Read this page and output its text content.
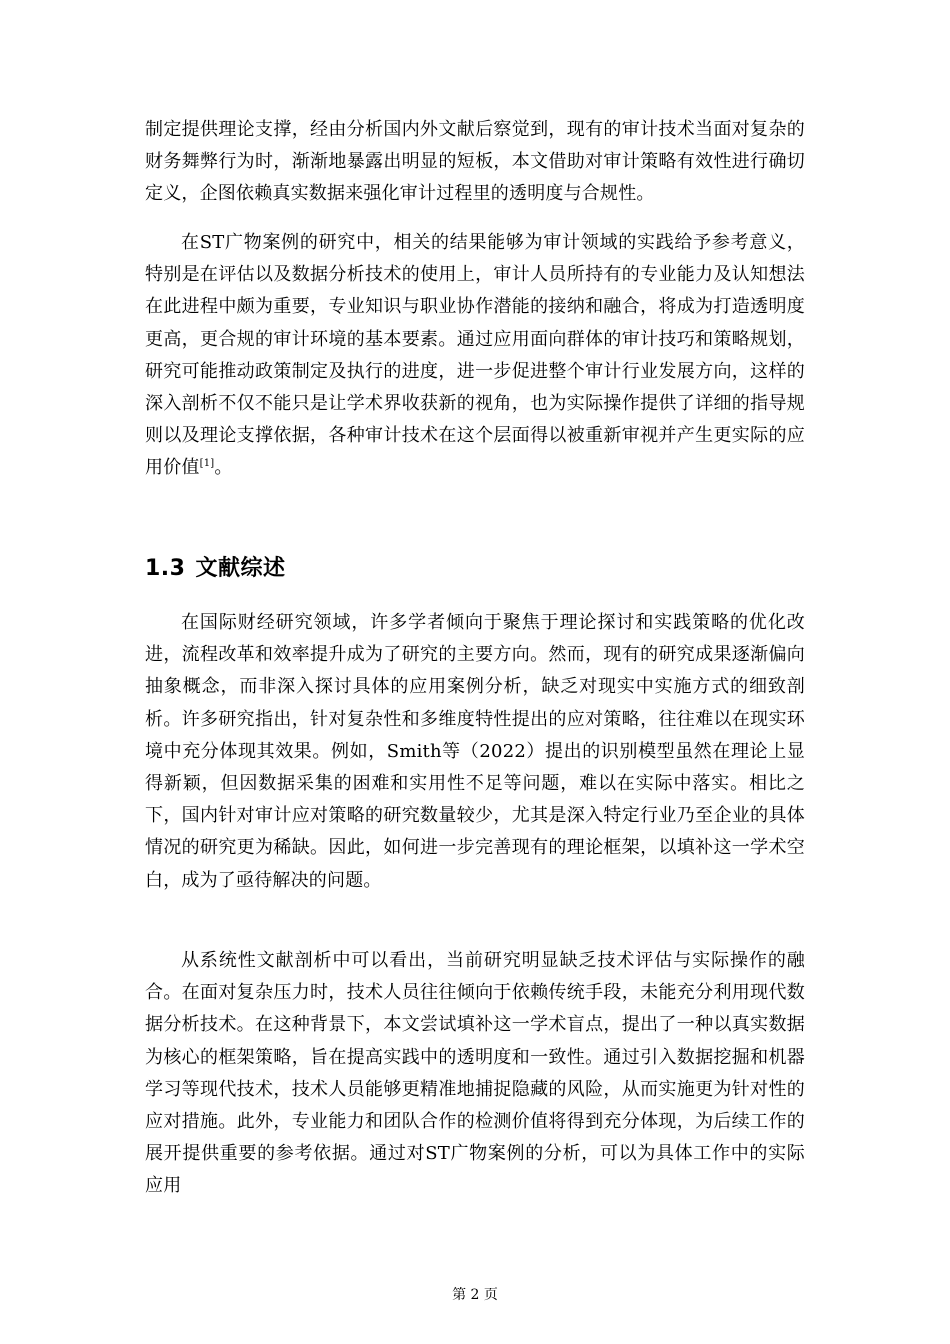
制定提供理论支撑，经由分析国内外文献后察觉到，现有的审计技术当面对复杂的财务舞弊行为时，渐渐地暴露出明显的短板，本文借助对审计策略有效性进行确切定义，企图依赖真实数据来强化审计过程里的透明度与合规性。

在ST广物案例的研究中，相关的结果能够为审计领域的实践给予参考意义，特别是在评估以及数据分析技术的使用上，审计人员所持有的专业能力及认知想法在此进程中颇为重要，专业知识与职业协作潜能的接纳和融合，将成为打造透明度更高，更合规的审计环境的基本要素。通过应用面向群体的审计技巧和策略规划，研究可能推动政策制定及执行的进度，进一步促进整个审计行业发展方向，这样的深入剖析不仅不能只是让学术界收获新的视角，也为实际操作提供了详细的指导规则以及理论支撑依据，各种审计技术在这个层面得以被重新审视并产生更实际的应用价值[1]。

1.3 文献综述

在国际财经研究领域，许多学者倾向于聚焦于理论探讨和实践策略的优化改进，流程改革和效率提升成为了研究的主要方向。然而，现有的研究成果逐渐偏向抽象概念，而非深入探讨具体的应用案例分析，缺乏对现实中实施方式的细致剖析。许多研究指出，针对复杂性和多维度特性提出的应对策略，往往难以在现实环境中充分体现其效果。例如，Smith等（2022）提出的识别模型虽然在理论上显得新颖，但因数据采集的困难和实用性不足等问题，难以在实际中落实。相比之下，国内针对审计应对策略的研究数量较少，尤其是深入特定行业乃至企业的具体情况的研究更为稀缺。因此，如何进一步完善现有的理论框架，以填补这一学术空白，成为了亟待解决的问题。

从系统性文献剖析中可以看出，当前研究明显缺乏技术评估与实际操作的融合。在面对复杂压力时，技术人员往往倾向于依赖传统手段，未能充分利用现代数据分析技术。在这种背景下，本文尝试填补这一学术盲点，提出了一种以真实数据为核心的框架策略，旨在提高实践中的透明度和一致性。通过引入数据挖掘和机器学习等现代技术，技术人员能够更精准地捕捉隐藏的风险，从而实施更为针对性的应对措施。此外，专业能力和团队合作的检测价值将得到充分体现，为后续工作的展开提供重要的参考依据。通过对ST广物案例的分析，可以为具体工作中的实际应用

第 2 页
